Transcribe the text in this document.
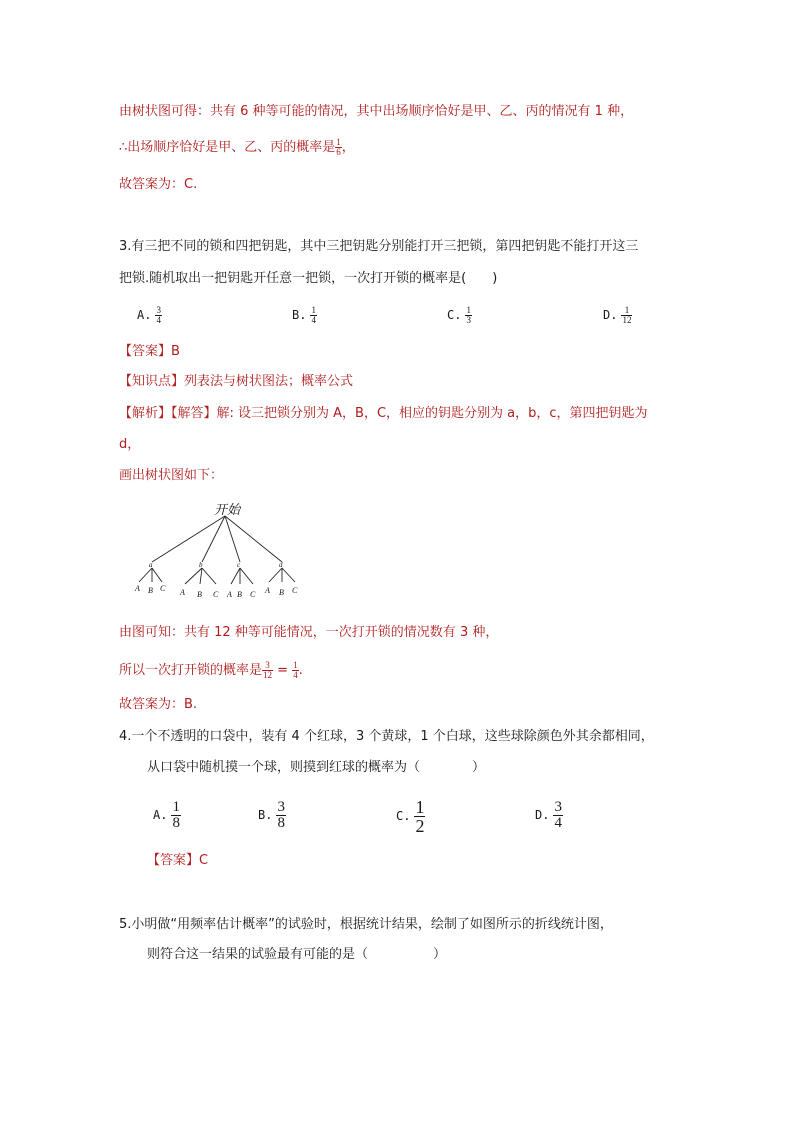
由树状图可得：共有 6 种等可能的情况，其中出场顺序恰好是甲、乙、丙的情况有 1 种，
∴出场顺序恰好是甲、乙、丙的概率是 $\frac{1}{6}$ ，
故答案为：C.
3.有三把不同的锁和四把钥匙，其中三把钥匙分别能打开三把锁，第四把钥匙不能打开这三
把锁.随机取出一把钥匙开任意一把锁，一次打开锁的概率是(　　)
A. $\frac{3}{4}$	B. $\frac{1}{4}$	C. $\frac{1}{3}$	D. $\frac{1}{12}$
【答案】B
【知识点】列表法与树状图法；概率公式
【解析】【解答】解: 设三把锁分别为 A，B，C，相应的钥匙分别为 a，b，c，第四把钥匙为
d，
画出树状图如下：
开始
a	b	c	d
A B C A B C A B C A B C
由图可知：共有 12 种等可能情况，一次打开锁的情况数有 3 种，
所以一次打开锁的概率是 $\frac{3}{12} = \frac{1}{4}$ .
故答案为：B.
4.一个不透明的口袋中，装有 4 个红球，3 个黄球，1 个白球，这些球除颜色外其余都相同，
从口袋中随机摸一个球，则摸到红球的概率为（　　　　）
A. $\frac{1}{8}$	B. $\frac{3}{8}$	C. $\frac{1}{2}$	D. $\frac{3}{4}$
【答案】C
5.小明做“用频率估计概率”的试验时，根据统计结果，绘制了如图所示的折线统计图，
则符合这一结果的试验最有可能的是（　　　　　）
